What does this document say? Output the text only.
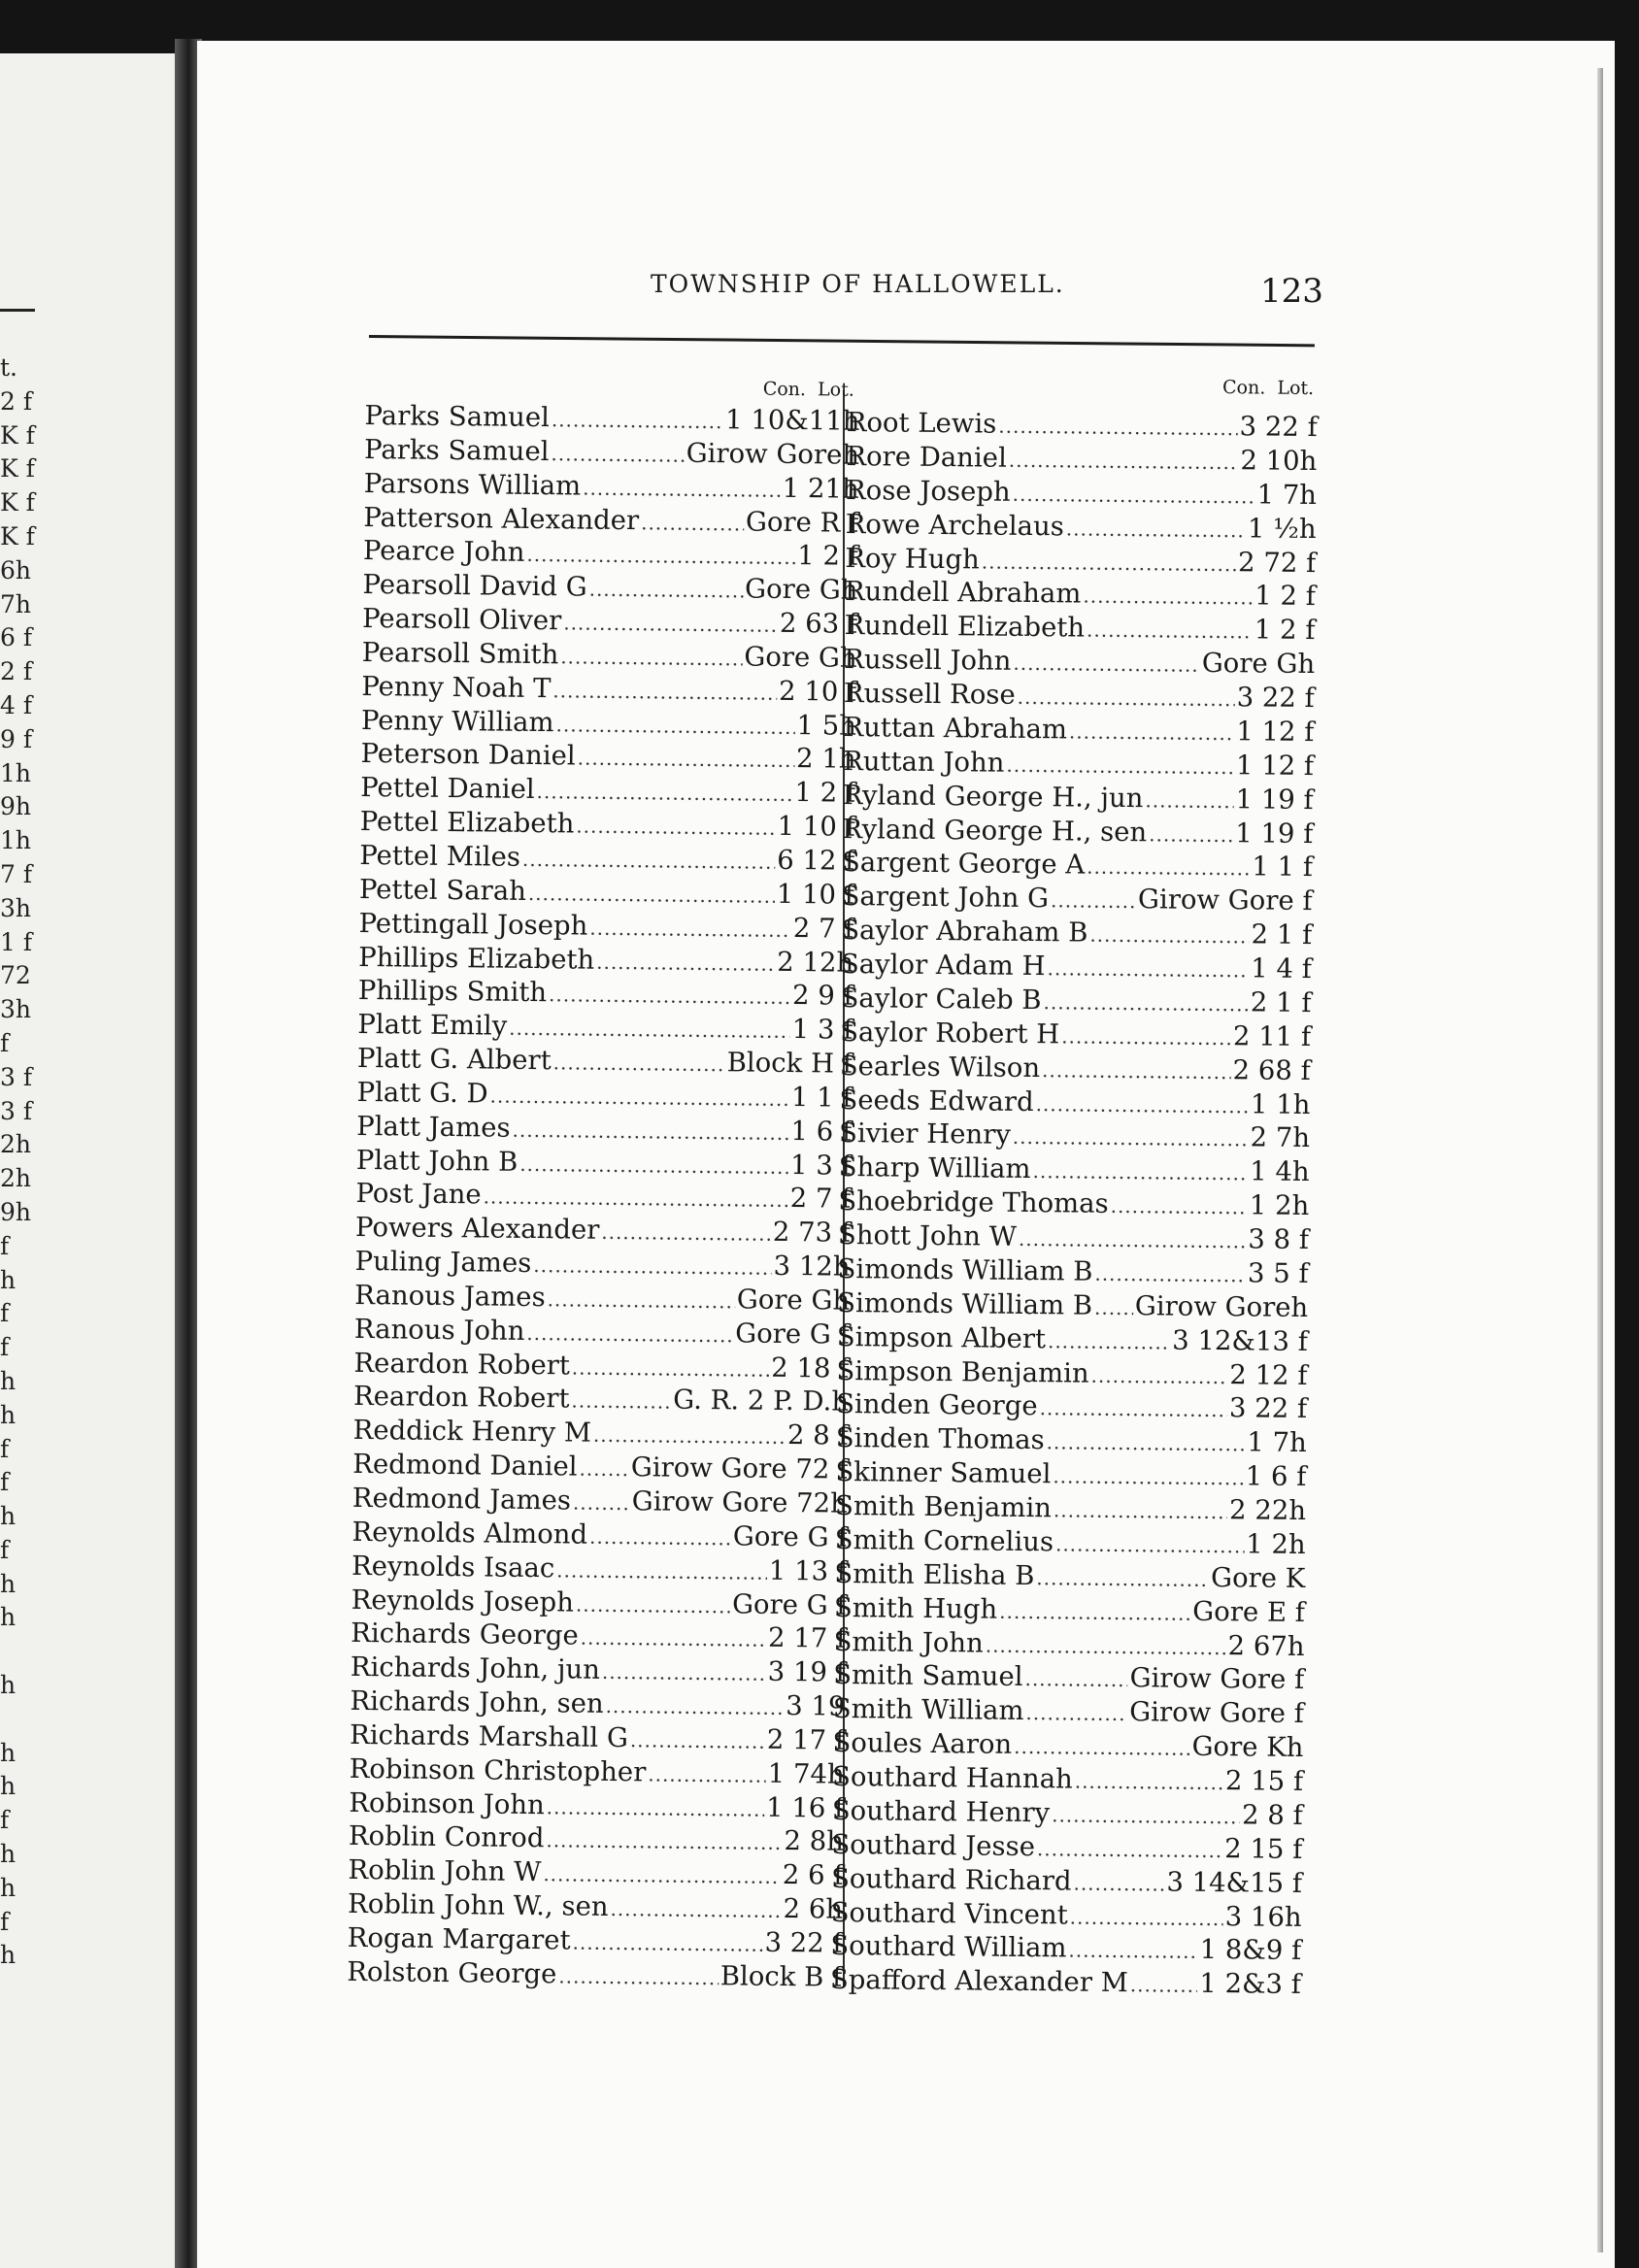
t.
2 f
K f
K f
K f
K f
6h
7h
6 f
2 f
4 f
9 f
1h
9h
1h
7 f
3h
1 f
72
3h
f
3 f
3 f
2h
2h
9h
f
h
f
f
h
h
f
f
h
f
h
h

h

h
h
f
h
h
f
h
TOWNSHIP OF HALLOWELL.	123
Con.  Lot.
Parks Samuel .....	1 10&11h
Parks Samuel .....	Girow Goreh
Parsons William .....	1 21h
Patterson Alexander .....	Gore R f
Pearce John .....	1 2 f
Pearsoll David G .....	Gore Gh
Pearsoll Oliver .....	2 63 f
Pearsoll Smith .....	Gore Gh
Penny Noah T .....	2 10 f
Penny William .....	1 5h
Peterson Daniel .....	2 1h
Pettel Daniel .....	1 2 f
Pettel Elizabeth .....	1 10 f
Pettel Miles .....	6 12 f
Pettel Sarah .....	1 10 f
Pettingall Joseph .....	2 7 f
Phillips Elizabeth .....	2 12h
Phillips Smith .....	2 9 f
Platt Emily .....	1 3 f
Platt G. Albert .....	Block H f
Platt G. D .....	1 1 f
Platt James .....	1 6 f
Platt John B .....	1 3 f
Post Jane .....	2 7 f
Powers Alexander .....	2 73 f
Puling James .....	3 12h
Ranous James .....	Gore Gh
Ranous John .....	Gore G f
Reardon Robert .....	2 18 f
Reardon Robert .....	G. R. 2 P. D.h
Reddick Henry M .....	2 8 f
Redmond Daniel ..... Girow Gore 72 f
Redmond James ..... Girow Gore 72h
Reynolds Almond .....	Gore G f
Reynolds Isaac .....	1 13 f
Reynolds Joseph .....	Gore G f
Richards George .....	2 17 f
Richards John, jun .....	3 19 f
Richards John, sen .....	3 19
Richards Marshall G .....	2 17 f
Robinson Christopher .....	1 74h
Robinson John .....	1 16 f
Roblin Conrod .....	2 8h
Roblin John W .....	2 6 f
Roblin John W., sen .....	2 6h
Rogan Margaret .....	3 22 f
Rolston George .....	Block B f
Con.  Lot.
Root Lewis .....	3 22 f
Rore Daniel .....	2 10h
Rose Joseph .....	1 7h
Rowe Archelaus .....	1 ½h
Roy Hugh .....	2 72 f
Rundell Abraham .....	1 2 f
Rundell Elizabeth .....	1 2 f
Russell John .....	Gore Gh
Russell Rose .....	3 22 f
Ruttan Abraham .....	1 12 f
Ruttan John .....	1 12 f
Ryland George H., jun .....	1 19 f
Ryland George H., sen .....	1 19 f
Sargent George A .....	1 1 f
Sargent John G .....	Girow Gore f
Saylor Abraham B .....	2 1 f
Saylor Adam H .....	1 4 f
Saylor Caleb B .....	2 1 f
Saylor Robert H .....	2 11 f
Searles Wilson .....	2 68 f
Seeds Edward .....	1 1h
Sivier Henry .....	2 7h
Sharp William .....	1 4h
Shoebridge Thomas .....	1 2h
Shott John W .....	3 8 f
Simonds William B .....	3 5 f
Simonds William B ..... Girow Goreh
Simpson Albert .....	3 12&13 f
Simpson Benjamin .....	2 12 f
Sinden George .....	3 22 f
Sinden Thomas .....	1 7h
Skinner Samuel .....	1 6 f
Smith Benjamin .....	2 22h
Smith Cornelius .....	1 2h
Smith Elisha B .....	Gore K
Smith Hugh .....	Gore E f
Smith John .....	2 67h
Smith Samuel .....	Girow Gore f
Smith William .....	Girow Gore f
Soules Aaron .....	Gore Kh
Southard Hannah .....	2 15 f
Southard Henry .....	2 8 f
Southard Jesse .....	2 15 f
Southard Richard .....	3 14&15 f
Southard Vincent .....	3 16h
Southard William .....	1 8&9 f
Spafford Alexander M .....	1 2&3 f
